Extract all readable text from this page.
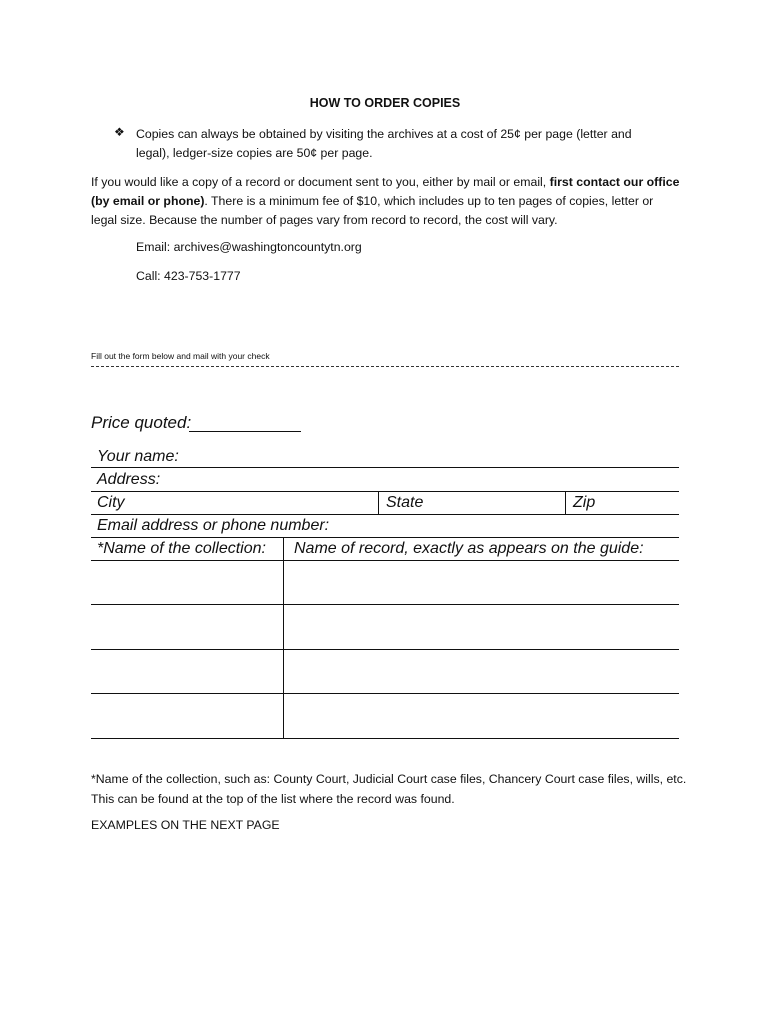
HOW TO ORDER COPIES
❖ Copies can always be obtained by visiting the archives at a cost of 25¢ per page (letter and legal), ledger-size copies are 50¢ per page.
If you would like a copy of a record or document sent to you, either by mail or email, first contact our office (by email or phone). There is a minimum fee of $10, which includes up to ten pages of copies, letter or legal size. Because the number of pages vary from record to record, the cost will vary.
Email: archives@washingtoncountytn.org
Call: 423-753-1777
Fill out the form below and mail with your check
Price quoted:
Your name:
Address:
City	State	Zip
Email address or phone number:
*Name of the collection: Name of record, exactly as appears on the guide:
*Name of the collection, such as: County Court, Judicial Court case files, Chancery Court case files, wills, etc. This can be found at the top of the list where the record was found.
EXAMPLES ON THE NEXT PAGE
